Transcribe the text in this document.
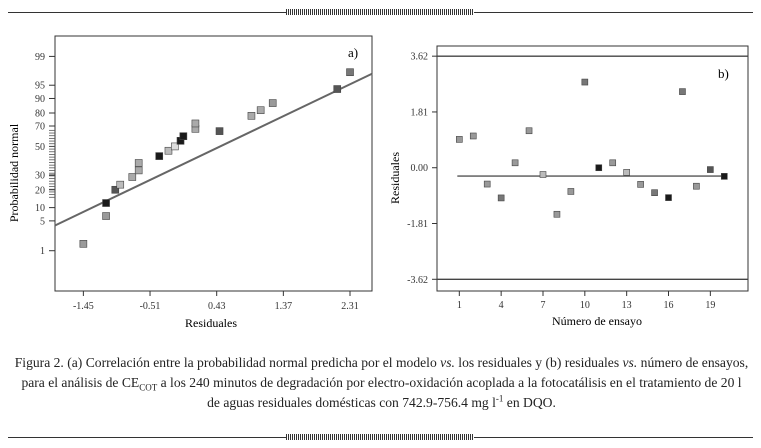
a)
99
95
90
80
70
50
30
20
10
5
1
-1.45	-0.51	0.43	1.37	2.31
Residuales
Probabilidad normal
b)
3.62
1.81
0.00
-1.81
-3.62
1	4	7	10	13	16	19
Número de ensayo
Residuales
Figura 2. (a) Correlación entre la probabilidad normal predicha por el modelo vs. los residuales y (b) residuales vs. número de ensayos, para el análisis de $CE_{COT}$ a los 240 minutos de degradación por electro-oxidación acoplada a la fotocatálisis en el tratamiento de 20 l de aguas residuales domésticas con 742.9-756.4 mg $l^{-1}$ en DQO.
